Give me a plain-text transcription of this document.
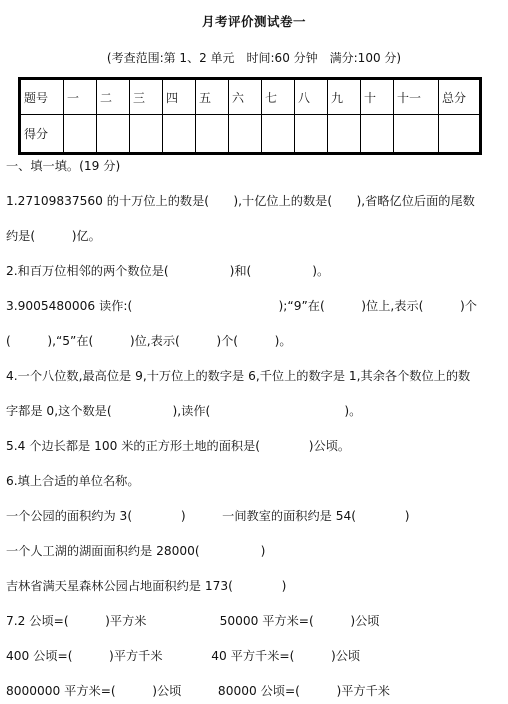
月考评价测试卷一
(考查范围:第 1、2 单元　时间:60 分钟　满分:100 分)
题号	一	二	三	四	五	六	七	八	九	十	十一	总分
得分												
一、填一填。(19 分)
1.27109837560 的十万位上的数是(　　),十亿位上的数是(　　),省略亿位后面的尾数
约是(　　　)亿。
2.和百万位相邻的两个数位是(　　　　　)和(　　　　　)。
3.9005480006 读作:(　　　　　　　　　　　　);“9”在(　　　)位上,表示(　　　)个
(　　　),“5”在(　　　)位,表示(　　　)个(　　　)。
4.一个八位数,最高位是 9,十万位上的数字是 6,千位上的数字是 1,其余各个数位上的数
字都是 0,这个数是(　　　　　),读作(　　　　　　　　　　　)。
5.4 个边长都是 100 米的正方形土地的面积是(　　　　)公顷。
6.填上合适的单位名称。
一个公园的面积约为 3(　　　　)　　　一间教室的面积约是 54(　　　　)
一个人工湖的湖面面积约是 28000(　　　　　)
吉林省满天星森林公园占地面积约是 173(　　　　)
7.2 公顷=(　　　)平方米　　　　　　50000 平方米=(　　　)公顷
400 公顷=(　　　)平方千米　　　　40 平方千米=(　　　)公顷
8000000 平方米=(　　　)公顷　　　80000 公顷=(　　　)平方千米
